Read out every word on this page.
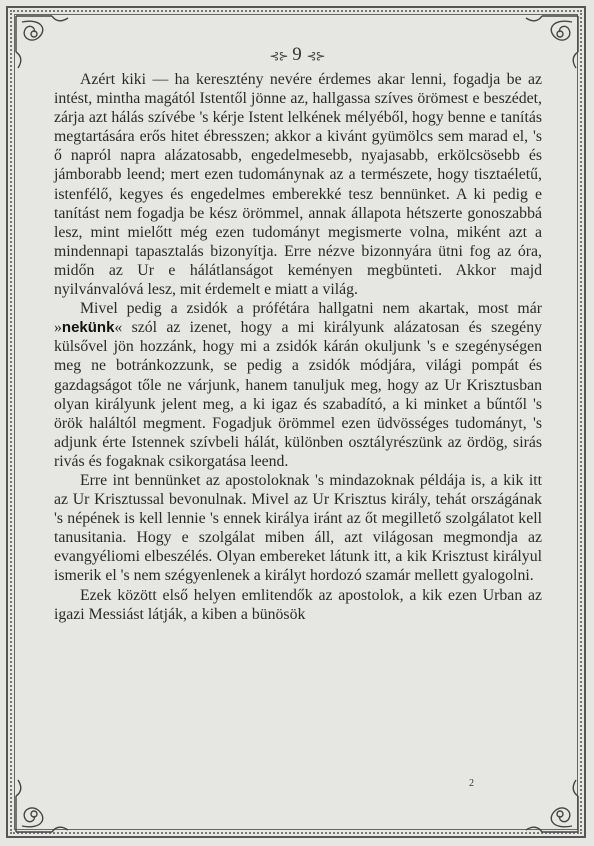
⊰⊱ 9 ⊰⊱

Azért kiki — ha keresztény nevére érdemes akar lenni, fogadja be az intést, mintha magától Istentől jönne az, hallgassa szíves örömest e beszédet, zárja azt hálás szívébe 's kérje Istent lelkének mélyéből, hogy benne e tanítás megtartására erős hitet ébresszen; akkor a kivánt gyümölcs sem marad el, 's ő napról napra alázatosabb, engedelmesebb, nyajasabb, erkölcsösebb és jámborabb leend; mert ezen tudománynak az a természete, hogy tisztaéletű, istenfélő, kegyes és engedelmes emberekké tesz bennünket. A ki pedig e tanítást nem fogadja be kész örömmel, annak állapota hétszerte gonoszabbá lesz, mint mielőtt még ezen tudományt megismerte volna, miként azt a mindennapi tapasztalás bizonyítja. Erre nézve bizonnyára ütni fog az óra, midőn az Ur e hálátlanságot keményen megbünteti. Akkor majd nyilvánvalóvá lesz, mit érdemelt e miatt a világ.

Mivel pedig a zsidók a prófétára hallgatni nem akartak, most már »nekünk« szól az izenet, hogy a mi királyunk alázatosan és szegény külsővel jön hozzánk, hogy mi a zsidók kárán okuljunk 's e szegénységen meg ne botránkozzunk, se pedig a zsidók módjára, világi pompát és gazdagságot tőle ne várjunk, hanem tanuljuk meg, hogy az Ur Krisztusban olyan királyunk jelent meg, a ki igaz és szabadító, a ki minket a bűntől 's örök haláltól megment. Fogadjuk örömmel ezen üdvösséges tudományt, 's adjunk érte Istennek szívbeli hálát, különben osztályrészünk az ördög, sirás rivás és fogaknak csikorgatása leend.

Erre int bennünket az apostoloknak 's mindazoknak példája is, a kik itt az Ur Krisztussal bevonulnak. Mivel az Ur Krisztus király, tehát országának 's népének is kell lennie 's ennek királya iránt az őt megillető szolgálatot kell tanusitania. Hogy e szolgálat miben áll, azt világosan megmondja az evangyéliomi elbeszélés. Olyan embereket látunk itt, a kik Krisztust királyul ismerik el 's nem szégyenlenek a királyt hordozó szamár mellett gyalogolni.

Ezek között első helyen emlitendők az apostolok, a kik ezen Urban az igazi Messiást látják, a kiben a bünösök

2
